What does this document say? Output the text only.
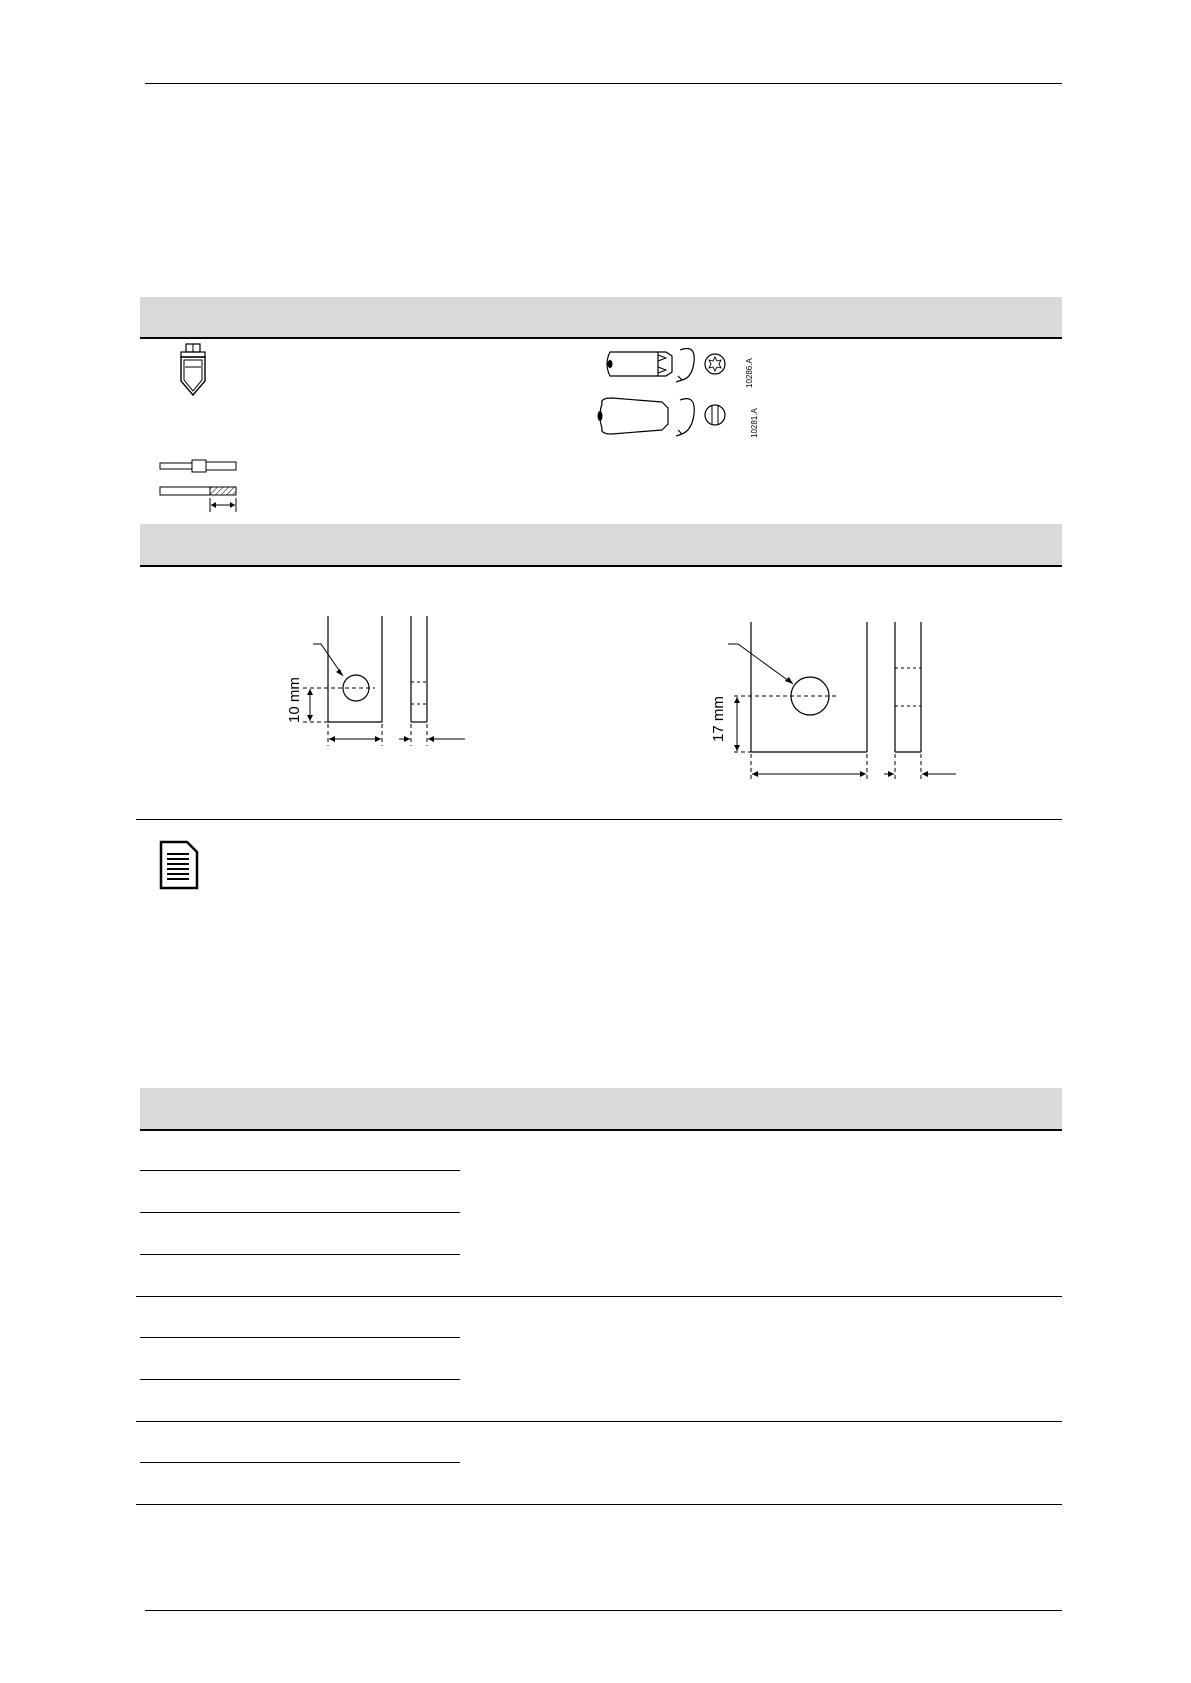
10286.A
10281.A
10 mm	17 mm
